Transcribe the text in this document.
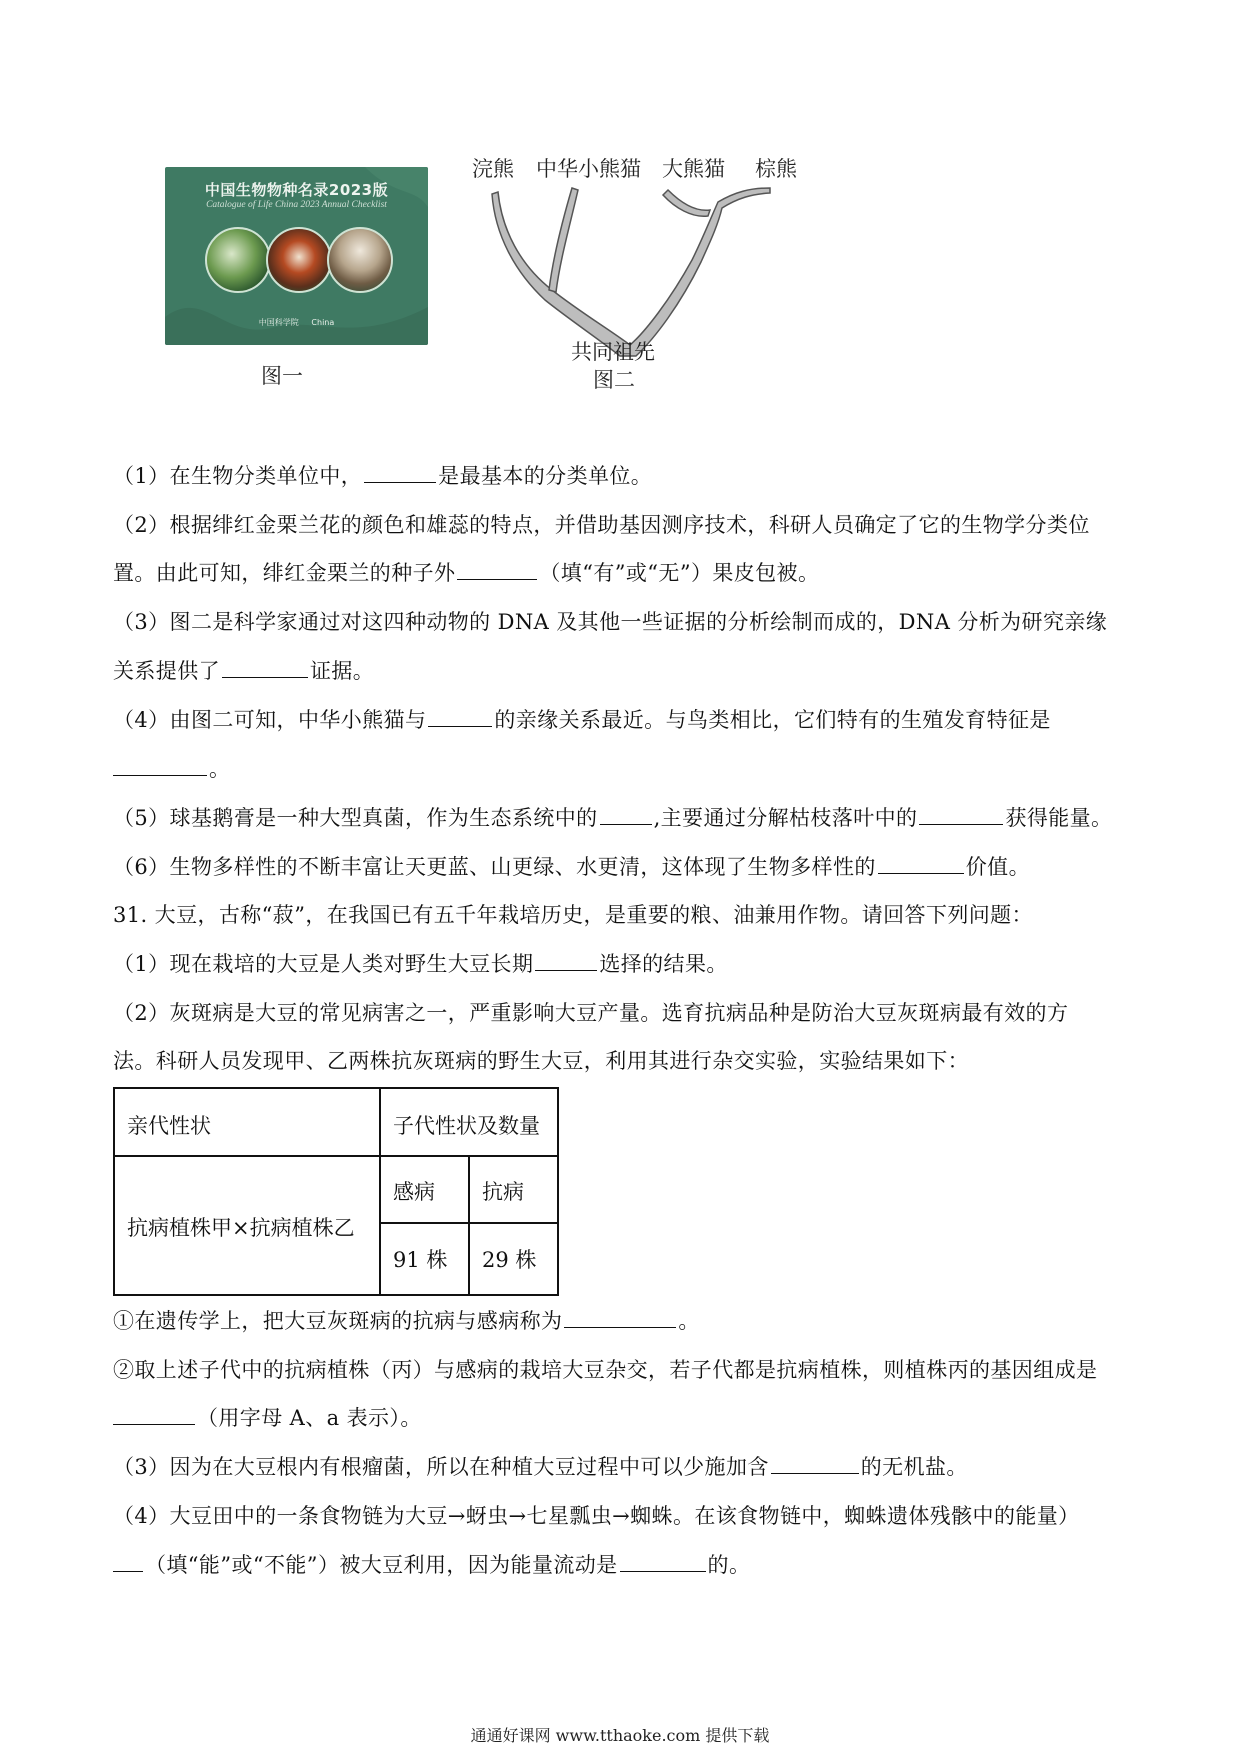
中国生物物种名录2023版
Catalogue of Life China 2023 Annual Checklist
中国科学院 China
图一
浣熊 中华小熊猫 大熊猫 棕熊
共同祖先
图二
（1）在生物分类单位中，	是最基本的分类单位。
（2）根据绯红金栗兰花的颜色和雄蕊的特点，并借助基因测序技术，科研人员确定了它的生物学分类位
置。由此可知，绯红金栗兰的种子外	（填“有”或“无”）果皮包被。
（3）图二是科学家通过对这四种动物的 DNA 及其他一些证据的分析绘制而成的，DNA 分析为研究亲缘
关系提供了	证据。
（4）由图二可知，中华小熊猫与	的亲缘关系最近。与鸟类相比，它们特有的生殖发育特征是
。
（5）球基鹅膏是一种大型真菌，作为生态系统中的	,主要通过分解枯枝落叶中的	获得能量。
（6）生物多样性的不断丰富让天更蓝、山更绿、水更清，这体现了生物多样性的	价值。
31. 大豆，古称“菽”，在我国已有五千年栽培历史，是重要的粮、油兼用作物。请回答下列问题：
（1）现在栽培的大豆是人类对野生大豆长期	选择的结果。
（2）灰斑病是大豆的常见病害之一，严重影响大豆产量。选育抗病品种是防治大豆灰斑病最有效的方
法。科研人员发现甲、乙两株抗灰斑病的野生大豆，利用其进行杂交实验，实验结果如下：
亲代性状	子代性状及数量
抗病植株甲×抗病植株乙
感病 抗病
91 株 29 株
①在遗传学上，把大豆灰斑病的抗病与感病称为	。
②取上述子代中的抗病植株（丙）与感病的栽培大豆杂交，若子代都是抗病植株，则植株丙的基因组成是
（用字母 A、a 表示）。
（3）因为在大豆根内有根瘤菌，所以在种植大豆过程中可以少施加含	的无机盐。
（4）大豆田中的一条食物链为大豆→蚜虫→七星瓢虫→蜘蛛。在该食物链中，蜘蛛遗体残骸中的能量）
（填“能”或“不能”）被大豆利用，因为能量流动是	的。
通通好课网 www.tthaoke.com 提供下载
